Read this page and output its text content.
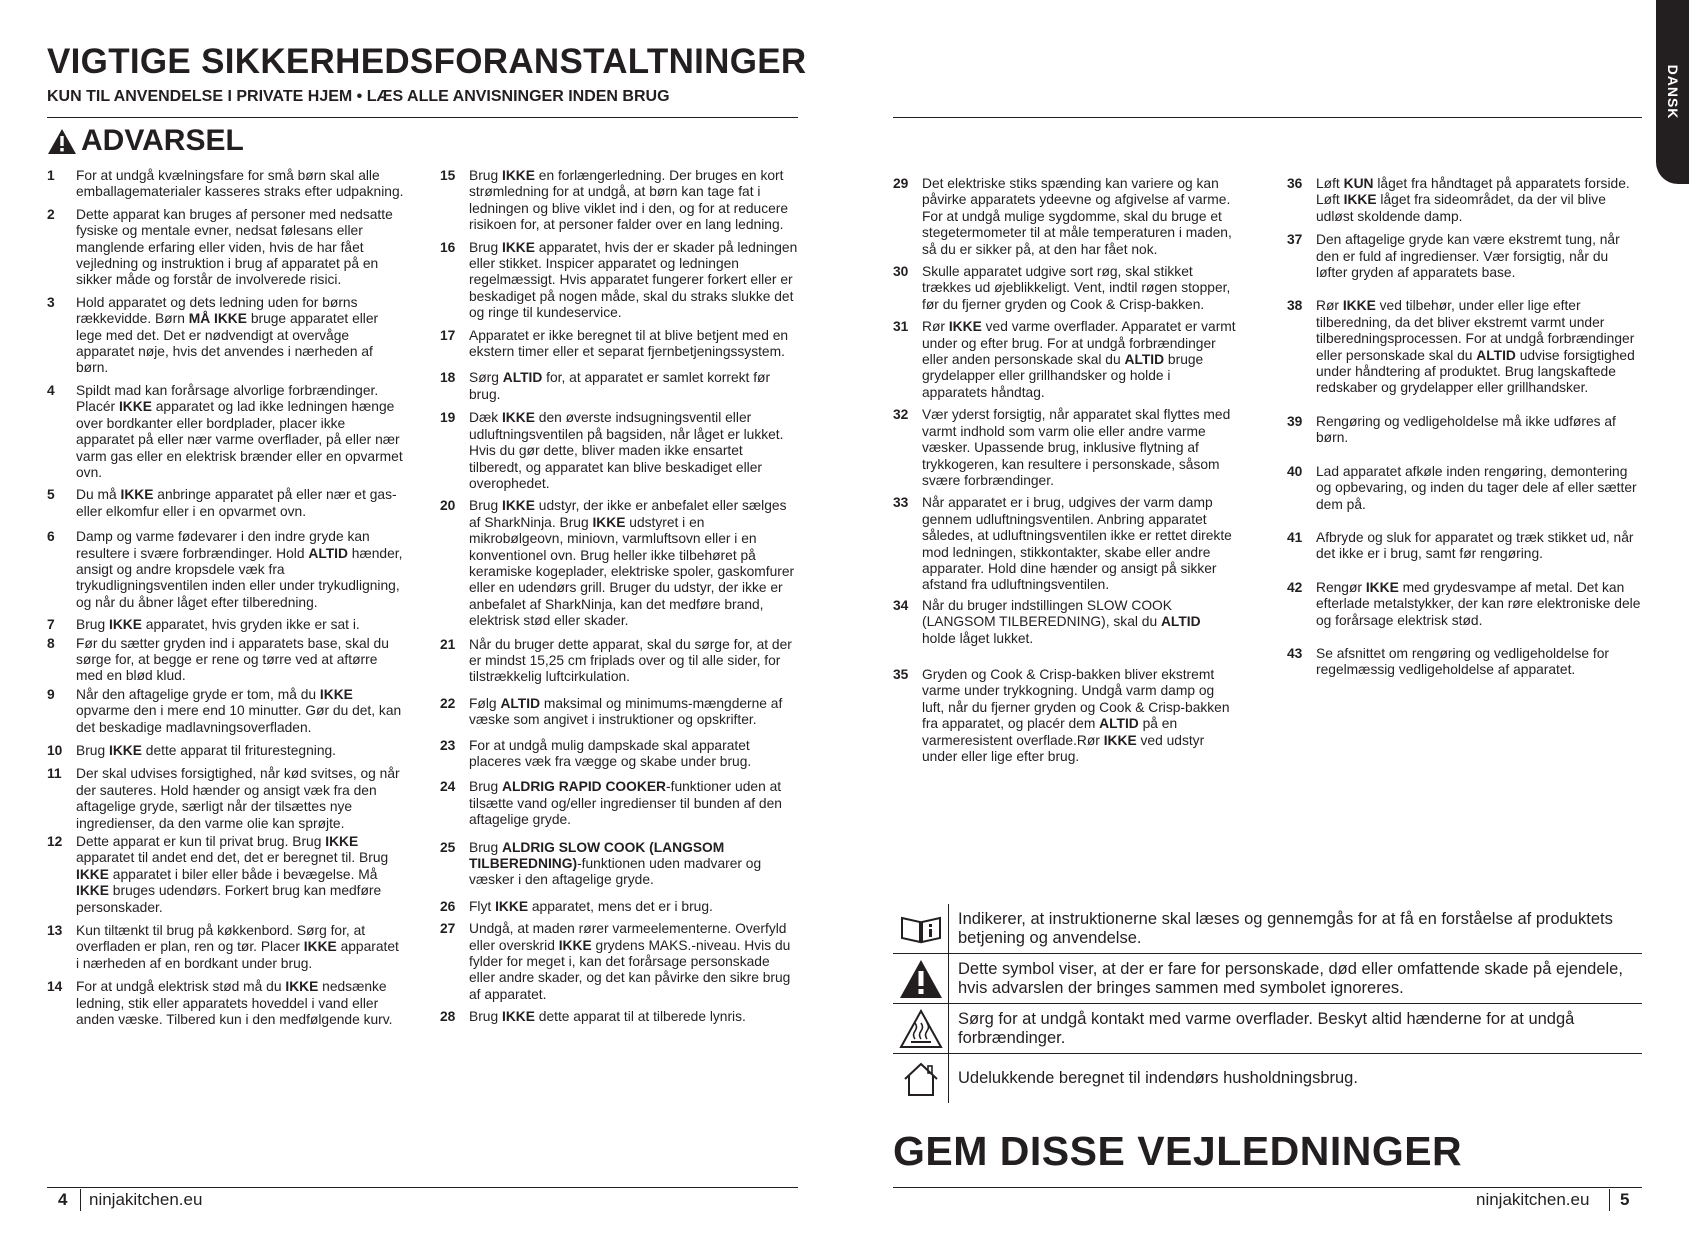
VIGTIGE SIKKERHEDSFORANSTALTNINGER
KUN TIL ANVENDELSE I PRIVATE HJEM • LÆS ALLE ANVISNINGER INDEN BRUG	DANSK
ADVARSEL
1	For at undgå kvælningsfare for små børn skal alle emballagematerialer kasseres straks efter udpakning.
2	Dette apparat kan bruges af personer med nedsatte fysiske og mentale evner, nedsat følesans eller manglende erfaring eller viden, hvis de har fået vejledning og instruktion i brug af apparatet på en sikker måde og forstår de involverede risici.
3	Hold apparatet og dets ledning uden for børns rækkevidde. Børn MÅ IKKE bruge apparatet eller lege med det. Det er nødvendigt at overvåge apparatet nøje, hvis det anvendes i nærheden af børn.
4	Spildt mad kan forårsage alvorlige forbrændinger. Placér IKKE apparatet og lad ikke ledningen hænge over bordkanter eller bordplader, placer ikke apparatet på eller nær varme overflader, på eller nær varm gas eller en elektrisk brænder eller en opvarmet ovn.
5	Du må IKKE anbringe apparatet på eller nær et gas- eller elkomfur eller i en opvarmet ovn.
6	Damp og varme fødevarer i den indre gryde kan resultere i svære forbrændinger. Hold ALTID hænder, ansigt og andre kropsdele væk fra trykudligningsventilen inden eller under trykudligning, og når du åbner låget efter tilberedning.
7	Brug IKKE apparatet, hvis gryden ikke er sat i.
8	Før du sætter gryden ind i apparatets base, skal du sørge for, at begge er rene og tørre ved at aftørre med en blød klud.
9	Når den aftagelige gryde er tom, må du IKKE opvarme den i mere end 10 minutter. Gør du det, kan det beskadige madlavningsoverfladen.
10 Brug IKKE dette apparat til friturestegning.
11	Der skal udvises forsigtighed, når kød svitses, og når der sauteres. Hold hænder og ansigt væk fra den aftagelige gryde, særligt når der tilsættes nye ingredienser, da den varme olie kan sprøjte.
12 Dette apparat er kun til privat brug. Brug IKKE apparatet til andet end det, det er beregnet til. Brug IKKE apparatet i biler eller både i bevægelse. Må IKKE bruges udendørs. Forkert brug kan medføre personskader.
13 Kun tiltænkt til brug på køkkenbord. Sørg for, at overfladen er plan, ren og tør. Placer IKKE apparatet i nærheden af en bordkant under brug.
14 For at undgå elektrisk stød må du IKKE nedsænke ledning, stik eller apparatets hoveddel i vand eller anden væske. Tilbered kun i den medfølgende kurv.
15 Brug IKKE en forlængerledning. Der bruges en kort strømledning for at undgå, at børn kan tage fat i ledningen og blive viklet ind i den, og for at reducere risikoen for, at personer falder over en lang ledning.
16 Brug IKKE apparatet, hvis der er skader på ledningen eller stikket. Inspicer apparatet og ledningen regelmæssigt. Hvis apparatet fungerer forkert eller er beskadiget på nogen måde, skal du straks slukke det og ringe til kundeservice.
17 Apparatet er ikke beregnet til at blive betjent med en ekstern timer eller et separat fjernbetjeningssystem.
18 Sørg ALTID for, at apparatet er samlet korrekt før brug.
19 Dæk IKKE den øverste indsugningsventil eller udluftningsventilen på bagsiden, når låget er lukket. Hvis du gør dette, bliver maden ikke ensartet tilberedt, og apparatet kan blive beskadiget eller overophedet.
20 Brug IKKE udstyr, der ikke er anbefalet eller sælges af SharkNinja. Brug IKKE udstyret i en mikrobølgeovn, miniovn, varmluftsovn eller i en konventionel ovn. Brug heller ikke tilbehøret på keramiske kogeplader, elektriske spoler, gaskomfurer eller en udendørs grill. Bruger du udstyr, der ikke er anbefalet af SharkNinja, kan det medføre brand, elektrisk stød eller skader.
21 Når du bruger dette apparat, skal du sørge for, at der er mindst 15,25 cm friplads over og til alle sider, for tilstrækkelig luftcirkulation.
22 Følg ALTID maksimal og minimums-mængderne af væske som angivet i instruktioner og opskrifter.
23 For at undgå mulig dampskade skal apparatet placeres væk fra vægge og skabe under brug.
24 Brug ALDRIG RAPID COOKER-funktioner uden at tilsætte vand og/eller ingredienser til bunden af den aftagelige gryde.
25 Brug ALDRIG SLOW COOK (LANGSOM TILBEREDNING)-funktionen uden madvarer og væsker i den aftagelige gryde.
26 Flyt IKKE apparatet, mens det er i brug.
27 Undgå, at maden rører varmeelementerne. Overfyld eller overskrid IKKE grydens MAKS.-niveau. Hvis du fylder for meget i, kan det forårsage personskade eller andre skader, og det kan påvirke den sikre brug af apparatet.
28 Brug IKKE dette apparat til at tilberede lynris.
29 Det elektriske stiks spænding kan variere og kan påvirke apparatets ydeevne og afgivelse af varme. For at undgå mulige sygdomme, skal du bruge et stegetermometer til at måle temperaturen i maden, så du er sikker på, at den har fået nok.
30 Skulle apparatet udgive sort røg, skal stikket trækkes ud øjeblikkeligt. Vent, indtil røgen stopper, før du fjerner gryden og Cook & Crisp-bakken.
31 Rør IKKE ved varme overflader. Apparatet er varmt under og efter brug. For at undgå forbrændinger eller anden personskade skal du ALTID bruge grydelapper eller grillhandsker og holde i apparatets håndtag.
32 Vær yderst forsigtig, når apparatet skal flyttes med varmt indhold som varm olie eller andre varme væsker. Upassende brug, inklusive flytning af trykkogeren, kan resultere i personskade, såsom svære forbrændinger.
33 Når apparatet er i brug, udgives der varm damp gennem udluftningsventilen. Anbring apparatet således, at udluftningsventilen ikke er rettet direkte mod ledningen, stikkontakter, skabe eller andre apparater. Hold dine hænder og ansigt på sikker afstand fra udluftningsventilen.
34 Når du bruger indstillingen SLOW COOK (LANGSOM TILBEREDNING), skal du ALTID holde låget lukket.
35 Gryden og Cook & Crisp-bakken bliver ekstremt varme under trykkogning. Undgå varm damp og luft, når du fjerner gryden og Cook & Crisp-bakken fra apparatet, og placér dem ALTID på en varmeresistent overflade.Rør IKKE ved udstyr under eller lige efter brug.
36 Løft KUN låget fra håndtaget på apparatets forside. Løft IKKE låget fra sideområdet, da der vil blive udløst skoldende damp.
37 Den aftagelige gryde kan være ekstremt tung, når den er fuld af ingredienser. Vær forsigtig, når du løfter gryden af apparatets base.
38 Rør IKKE ved tilbehør, under eller lige efter tilberedning, da det bliver ekstremt varmt under tilberedningsprocessen. For at undgå forbrændinger eller personskade skal du ALTID udvise forsigtighed under håndtering af produktet. Brug langskaftede redskaber og grydelapper eller grillhandsker.
39 Rengøring og vedligeholdelse må ikke udføres af børn.
40 Lad apparatet afkøle inden rengøring, demontering og opbevaring, og inden du tager dele af eller sætter dem på.
41 Afbryde og sluk for apparatet og træk stikket ud, når det ikke er i brug, samt før rengøring.
42 Rengør IKKE med grydesvampe af metal. Det kan efterlade metalstykker, der kan røre elektroniske dele og forårsage elektrisk stød.
43 Se afsnittet om rengøring og vedligeholdelse for regelmæssig vedligeholdelse af apparatet.
Indikerer, at instruktionerne skal læses og gennemgås for at få en forståelse af produktets betjening og anvendelse.
Dette symbol viser, at der er fare for personskade, død eller omfattende skade på ejendele, hvis advarslen der bringes sammen med symbolet ignoreres.
Sørg for at undgå kontakt med varme overflader. Beskyt altid hænderne for at undgå forbrændinger.
Udelukkende beregnet til indendørs husholdningsbrug.
GEM DISSE VEJLEDNINGER
4 ninjakitchen.eu	ninjakitchen.eu 5
